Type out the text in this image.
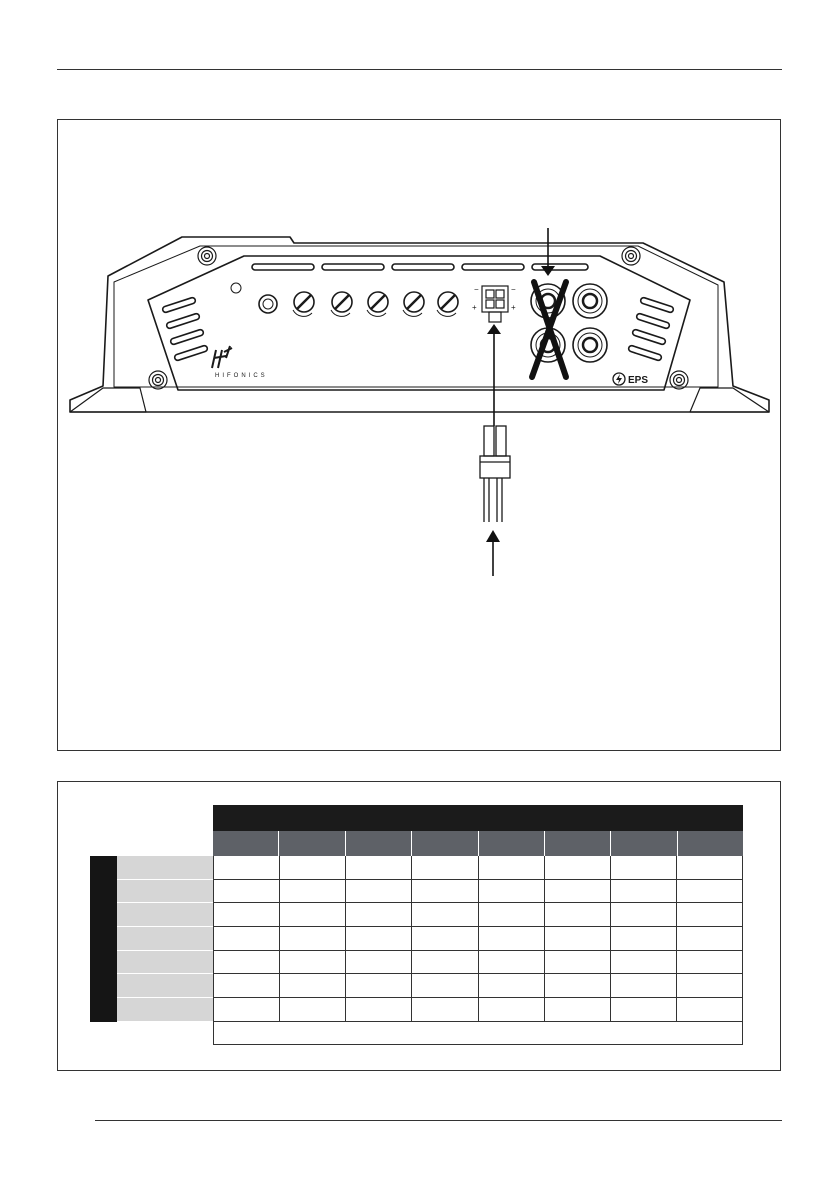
−
+
−
+
HIFONICS	EPS
